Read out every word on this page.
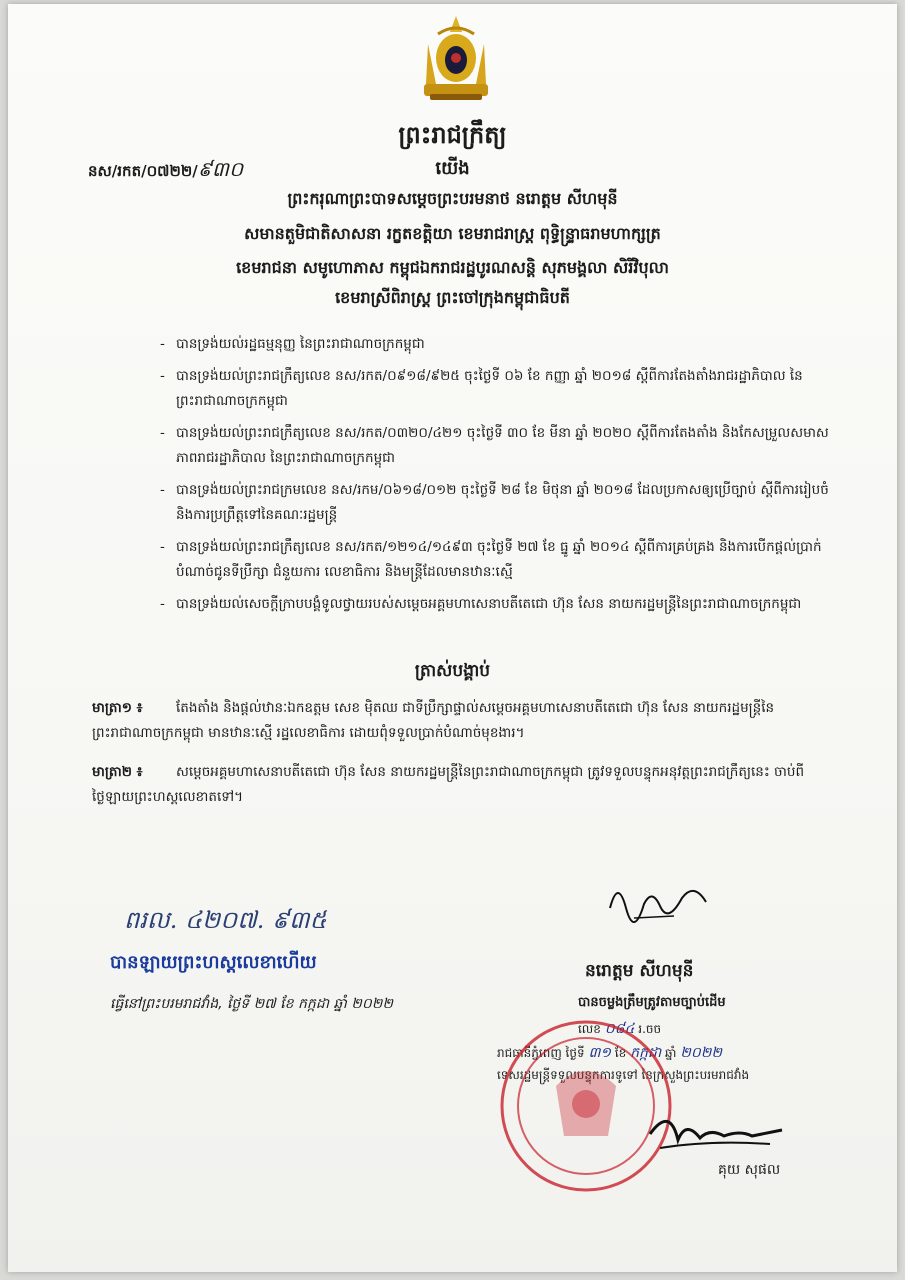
ព្រះរាជក្រឹត្យ
នស/រកត/០៧២២/៩៣០	យើង
ព្រះករុណាព្រះបាទសម្តេចព្រះបរមនាថ នរោត្តម សីហមុនី
សមានតួមិជាតិសាសនា រក្ខតខត្តិយា ខេមរាជរាស្ត្រ ពុទ្ធិន្ទ្រាធរាមហាក្សត្រ
ខេមរាជនា សមូហោភាស កម្ពុជឯករាជរដ្ឋបូរណសន្តិ សុភមង្គលា សិរីវិបុលា
ខេមរាស្រីពិរាស្ត្រ ព្រះចៅក្រុងកម្ពុជាធិបតី
- បានទ្រង់យល់រដ្ឋធម្មនុញ្ញ នៃព្រះរាជាណាចក្រកម្ពុជា
- បានទ្រង់យល់ព្រះរាជក្រឹត្យលេខ នស/រកត/០៩១៨/៩២៥ ចុះថ្ងៃទី ០៦ ខែ កញ្ញា ឆ្នាំ ២០១៨ ស្តីពីការតែងតាំងរាជរដ្ឋាភិបាល នៃព្រះរាជាណាចក្រកម្ពុជា
- បានទ្រង់យល់ព្រះរាជក្រឹត្យលេខ នស/រកត/០៣២០/៤២១ ចុះថ្ងៃទី ៣០ ខែ មីនា ឆ្នាំ ២០២០ ស្តីពីការតែងតាំង និងកែសម្រួលសមាសភាពរាជរដ្ឋាភិបាល នៃព្រះរាជាណាចក្រកម្ពុជា
- បានទ្រង់យល់ព្រះរាជក្រមលេខ នស/រកម/០៦១៨/០១២ ចុះថ្ងៃទី ២៨ ខែ មិថុនា ឆ្នាំ ២០១៨ ដែលប្រកាសឲ្យប្រើច្បាប់ ស្តីពីការរៀបចំ និងការប្រព្រឹត្តទៅនៃគណៈរដ្ឋមន្ត្រី
- បានទ្រង់យល់ព្រះរាជក្រឹត្យលេខ នស/រកត/១២១៤/១៤៩៣ ចុះថ្ងៃទី ២៧ ខែ ធ្នូ ឆ្នាំ ២០១៤ ស្តីពីការគ្រប់គ្រង និងការបើកផ្តល់ប្រាក់បំណាច់ជូនទីប្រឹក្សា ជំនួយការ លេខាធិការ និងមន្ត្រីដែលមានឋានៈស្មើ
- បានទ្រង់យល់សេចក្តីក្រាបបង្គំទូលថ្វាយរបស់សម្តេចអគ្គមហាសេនាបតីតេជោ ហ៊ុន សែន នាយករដ្ឋមន្ត្រីនៃព្រះរាជាណាចក្រកម្ពុជា
ត្រាស់បង្គាប់
មាត្រា១ ៖ តែងតាំង និងផ្តល់ឋានៈឯកឧត្តម សេខ ម៉ិតឈ ជាទីប្រឹក្សាផ្ទាល់សម្តេចអគ្គមហាសេនាបតីតេជោ ហ៊ុន សែន នាយករដ្ឋមន្ត្រីនៃព្រះរាជាណាចក្រកម្ពុជា មានឋានៈស្មើ រដ្ឋលេខាធិការ ដោយពុំទទួលប្រាក់បំណាច់មុខងារ។
មាត្រា២ ៖ សម្តេចអគ្គមហាសេនាបតីតេជោ ហ៊ុន សែន នាយករដ្ឋមន្ត្រីនៃព្រះរាជាណាចក្រកម្ពុជា ត្រូវទទួលបន្ទុកអនុវត្តព្រះរាជក្រឹត្យនេះ ចាប់ពីថ្ងៃឡាយព្រះហស្តលេខាតទៅ។
ពរល. ៤២០៧. ៩៣៥
បានឡាយព្រះហស្តលេខាហើយ
ធ្វើនៅព្រះបរមរាជវាំង, ថ្ងៃទី ២៧ ខែ កក្កដា ឆ្នាំ ២០២២
នរោត្តម សីហមុនី
បានចម្លងត្រឹមត្រូវតាមច្បាប់ដើម
លេខ ០៨៤ រ.ចច
រាជធានីភ្នំពេញ ថ្ងៃទី ៣១ ខែ កក្កដា ឆ្នាំ ២០២២
ទេសរដ្ឋមន្ត្រីទទួលបន្ទុកការទូទៅ នៃក្រសួងព្រះបរមរាជវាំង
គុយ សុផល
